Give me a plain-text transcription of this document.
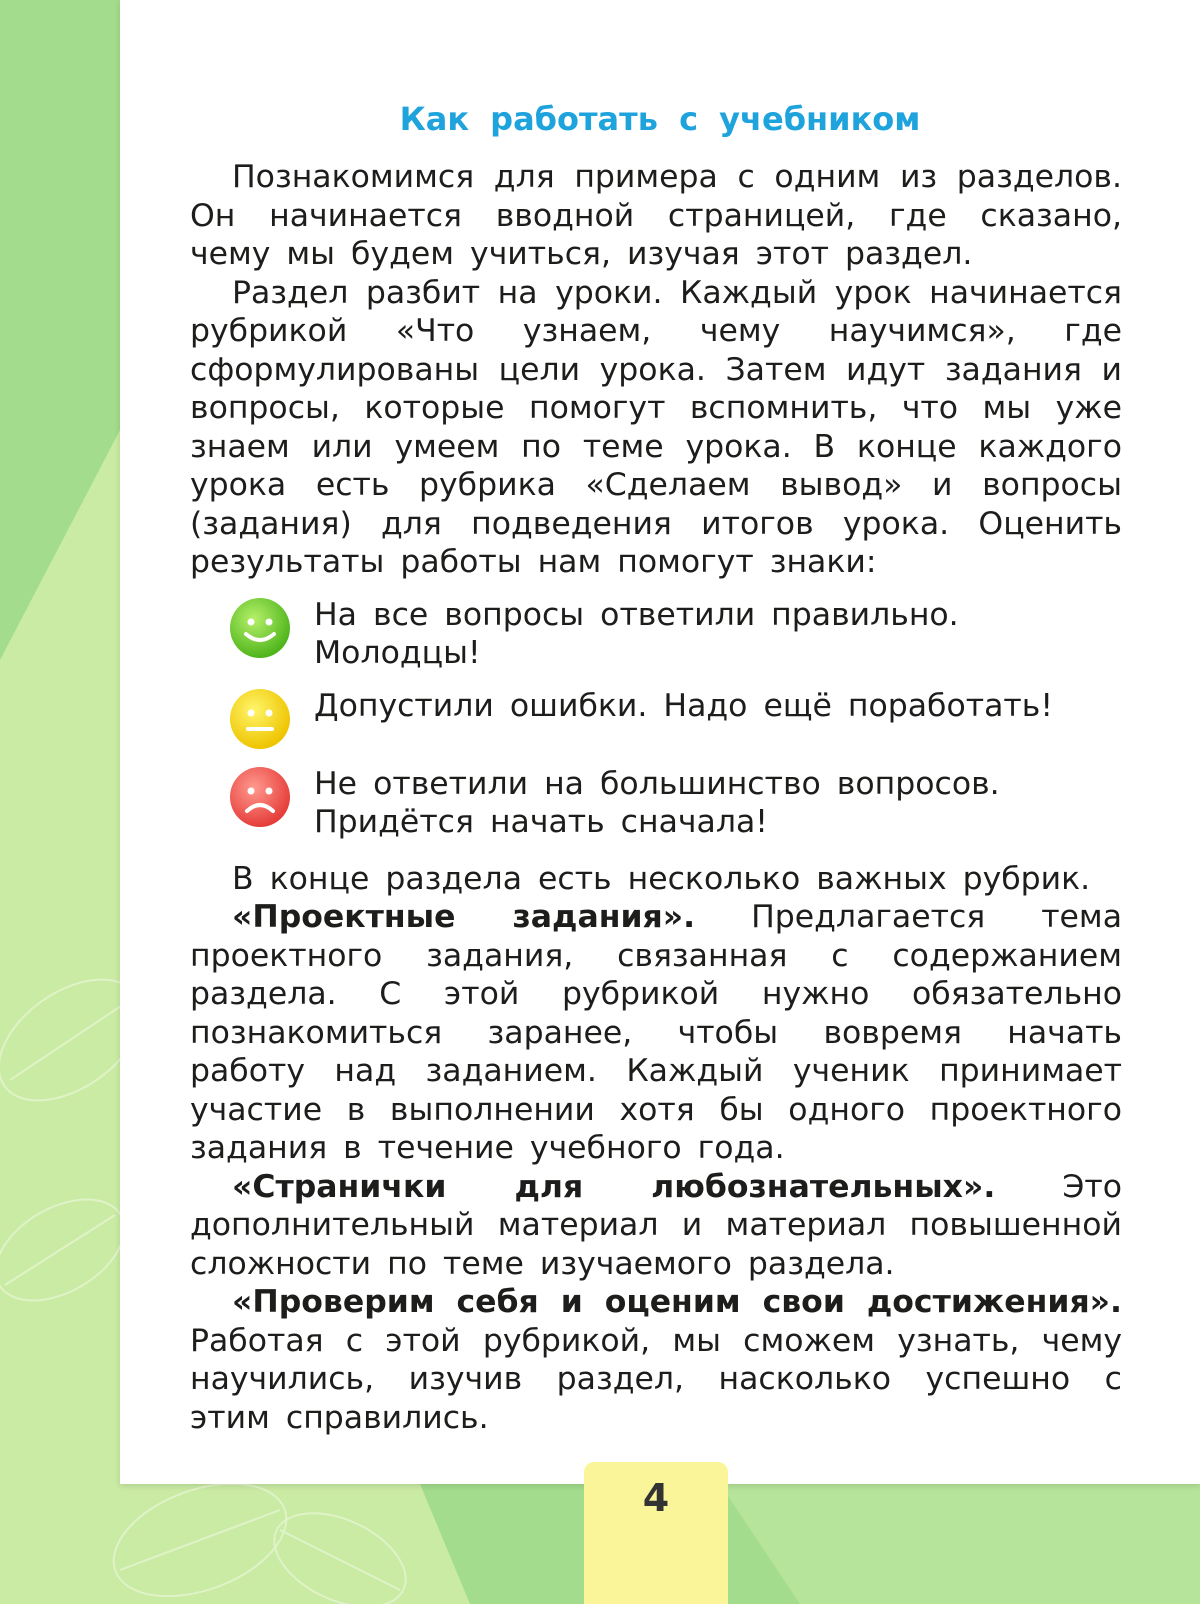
Как работать с учебником

Познакомимся для примера с одним из разделов. Он начинается вводной страницей, где сказано, чему мы будем учиться, изучая этот раздел.

Раздел разбит на уроки. Каждый урок начинается рубрикой «Что узнаем, чему научимся», где сформулированы цели урока. Затем идут задания и вопросы, которые помогут вспомнить, что мы уже знаем или умеем по теме урока. В конце каждого урока есть рубрика «Сделаем вывод» и вопросы (задания) для подведения итогов урока. Оценить результаты работы нам помогут знаки:

На все вопросы ответили правильно. Молодцы!
Допустили ошибки. Надо ещё поработать!
Не ответили на большинство вопросов. Придётся начать сначала!

В конце раздела есть несколько важных рубрик.

«Проектные задания». Предлагается тема проектного задания, связанная с содержанием раздела. С этой рубрикой нужно обязательно познакомиться заранее, чтобы вовремя начать работу над заданием. Каждый ученик принимает участие в выполнении хотя бы одного проектного задания в течение учебного года.

«Странички для любознательных». Это дополнительный материал и материал повышенной сложности по теме изучаемого раздела.

«Проверим себя и оценим свои достижения». Работая с этой рубрикой, мы сможем узнать, чему научились, изучив раздел, насколько успешно с этим справились.

4
